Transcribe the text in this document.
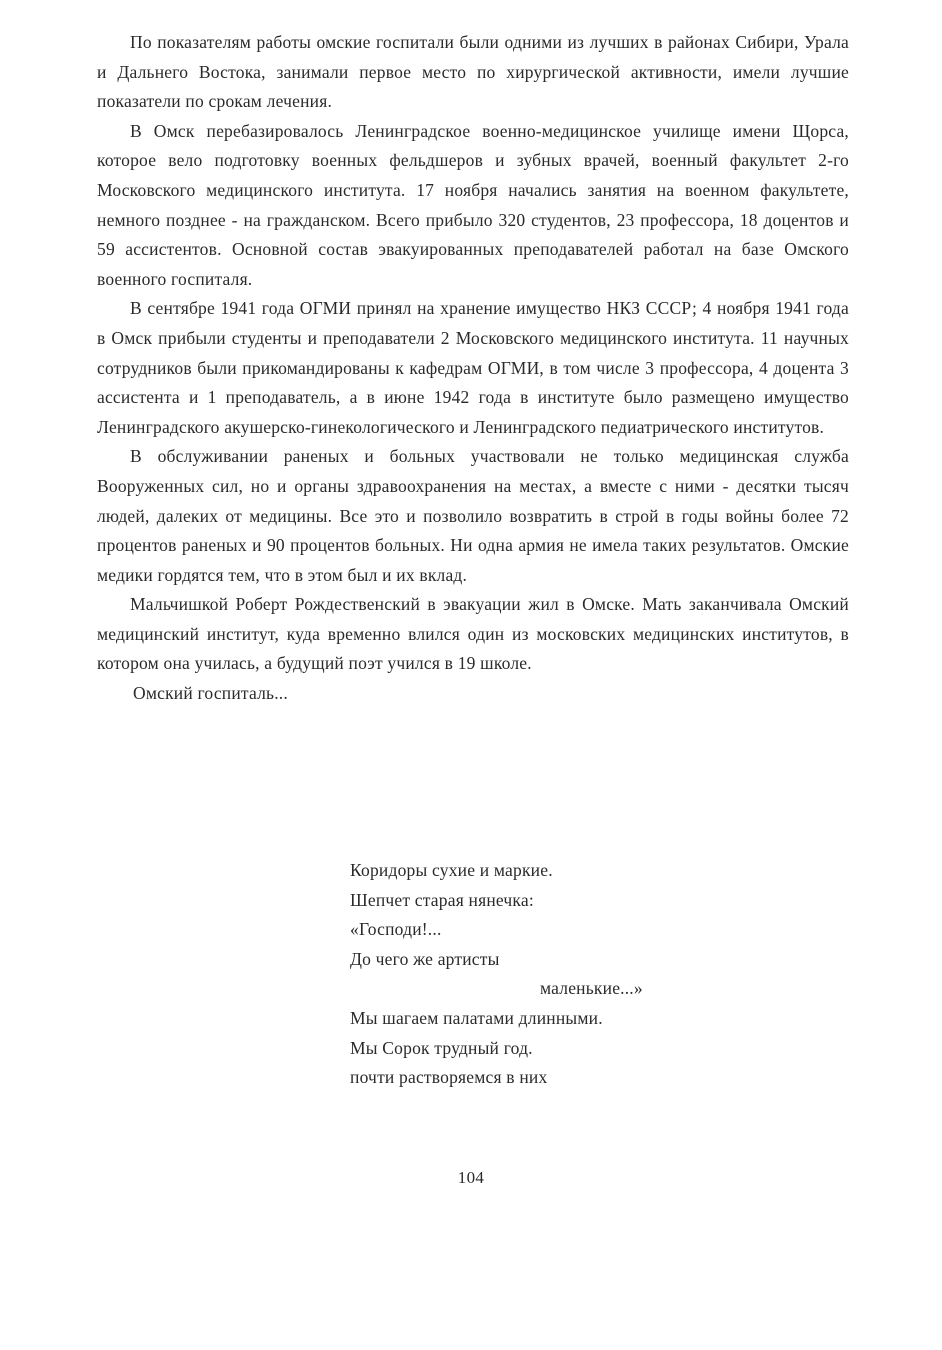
По показателям работы омские госпитали были одними из лучших в районах Сибири, Урала и Дальнего Востока, занимали первое место по хирургической активности, имели лучшие показатели по срокам лечения.

В Омск перебазировалось Ленинградское военно-медицинское училище имени Щорса, которое вело подготовку военных фельдшеров и зубных врачей, военный факультет 2-го Московского медицинского института. 17 ноября начались занятия на военном факультете, немного позднее - на гражданском. Всего прибыло 320 студентов, 23 профессора, 18 доцентов и 59 ассистентов. Основной состав эвакуированных преподавателей работал на базе Омского военного госпиталя.

В сентябре 1941 года ОГМИ принял на хранение имущество НКЗ СССР; 4 ноября 1941 года в Омск прибыли студенты и преподаватели 2 Московского медицинского института. 11 научных сотрудников были прикомандированы к кафедрам ОГМИ, в том числе 3 профессора, 4 доцента 3 ассистента и 1 преподаватель, а в июне 1942 года в институте было размещено имущество Ленинградского акушерско-гинекологического и Ленинградского педиатрического институтов.

В обслуживании раненых и больных участвовали не только медицинская служба Вооруженных сил, но и органы здравоохранения на местах, а вместе с ними - десятки тысяч людей, далеких от медицины. Все это и позволило возвратить в строй в годы войны более 72 процентов раненых и 90 процентов больных. Ни одна армия не имела таких результатов. Омские медики гордятся тем, что в этом был и их вклад.

Мальчишкой Роберт Рождественский в эвакуации жил в Омске. Мать заканчивала Омский медицинский институт, куда временно влился один из московских медицинских институтов, в котором она училась, а будущий поэт учился в 19 школе.

Омский госпиталь...

Коридоры сухие и маркие.
Шепчет старая нянечка:
«Господи!...
До чего же артисты
маленькие...»
Мы шагаем палатами длинными.
Мы Сорок трудный год.
почти растворяемся в них
104
